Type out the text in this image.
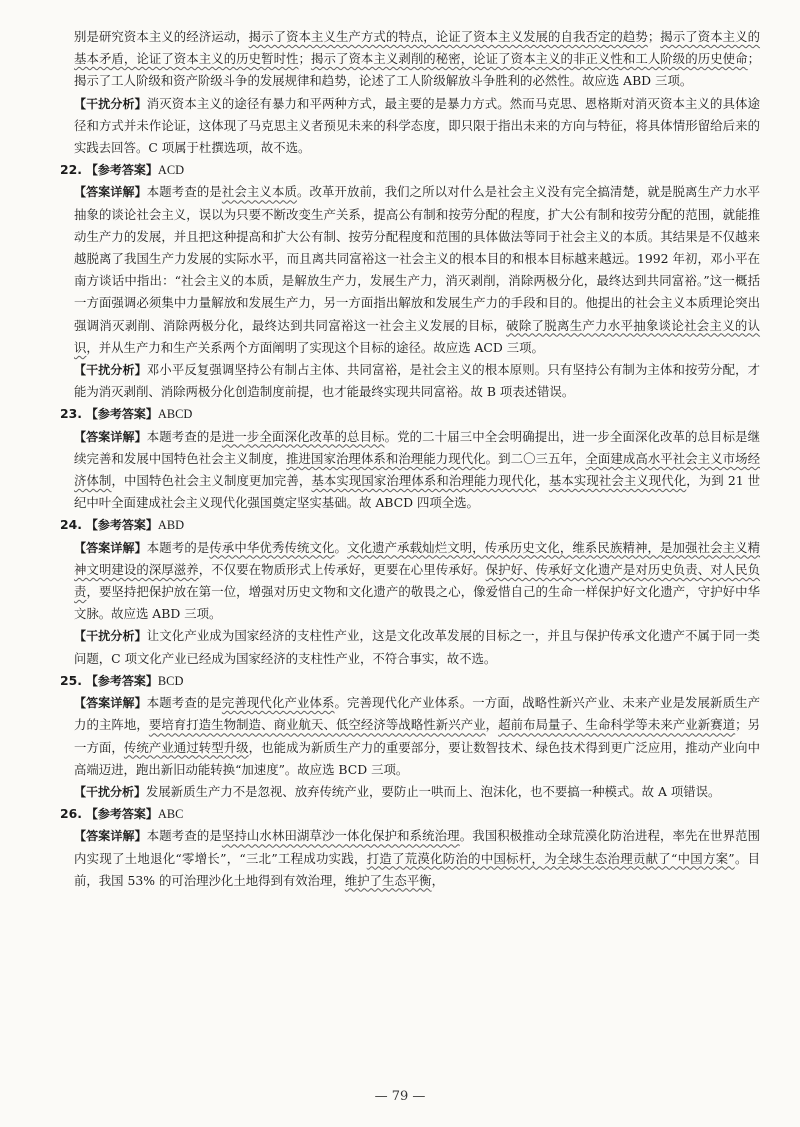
别是研究资本主义的经济运动，揭示了资本主义生产方式的特点，论证了资本主义发展的自我否定的趋势；揭示了资本主义的基本矛盾，论证了资本主义的历史暂时性；揭示了资本主义剥削的秘密，论证了资本主义的非正义性和工人阶级的历史使命；揭示了工人阶级和资产阶级斗争的发展规律和趋势，论述了工人阶级解放斗争胜利的必然性。故应选 ABD 三项。

【干扰分析】消灭资本主义的途径有暴力和平两种方式，最主要的是暴力方式。然而马克思、恩格斯对消灭资本主义的具体途径和方式并未作论证，这体现了马克思主义者预见未来的科学态度，即只限于指出未来的方向与特征，将具体情形留给后来的实践去回答。C 项属于杜撰选项，故不选。

22. 【参考答案】ACD

【答案详解】本题考查的是社会主义本质。改革开放前，我们之所以对什么是社会主义没有完全搞清楚，就是脱离生产力水平抽象的谈论社会主义，误以为只要不断改变生产关系，提高公有制和按劳分配的程度，扩大公有制和按劳分配的范围，就能推动生产力的发展，并且把这种提高和扩大公有制、按劳分配程度和范围的具体做法等同于社会主义的本质。其结果是不仅越来越脱离了我国生产力发展的实际水平，而且离共同富裕这一社会主义的根本目的和根本目标越来越远。1992 年初，邓小平在南方谈话中指出：“社会主义的本质，是解放生产力，发展生产力，消灭剥削，消除两极分化，最终达到共同富裕。”这一概括一方面强调必须集中力量解放和发展生产力，另一方面指出解放和发展生产力的手段和目的。他提出的社会主义本质理论突出强调消灭剥削、消除两极分化，最终达到共同富裕这一社会主义发展的目标，破除了脱离生产力水平抽象谈论社会主义的认识，并从生产力和生产关系两个方面阐明了实现这个目标的途径。故应选 ACD 三项。

【干扰分析】邓小平反复强调坚持公有制占主体、共同富裕，是社会主义的根本原则。只有坚持公有制为主体和按劳分配，才能为消灭剥削、消除两极分化创造制度前提，也才能最终实现共同富裕。故 B 项表述错误。

23. 【参考答案】ABCD

【答案详解】本题考查的是进一步全面深化改革的总目标。党的二十届三中全会明确提出，进一步全面深化改革的总目标是继续完善和发展中国特色社会主义制度，推进国家治理体系和治理能力现代化。到二〇三五年，全面建成高水平社会主义市场经济体制，中国特色社会主义制度更加完善，基本实现国家治理体系和治理能力现代化，基本实现社会主义现代化，为到 21 世纪中叶全面建成社会主义现代化强国奠定坚实基础。故 ABCD 四项全选。

24. 【参考答案】ABD

【答案详解】本题考的是传承中华优秀传统文化。文化遗产承载灿烂文明，传承历史文化，维系民族精神，是加强社会主义精神文明建设的深厚滋养，不仅要在物质形式上传承好，更要在心里传承好。保护好、传承好文化遗产是对历史负责、对人民负责，要坚持把保护放在第一位，增强对历史文物和文化遗产的敬畏之心，像爱惜自己的生命一样保护好文化遗产，守护好中华文脉。故应选 ABD 三项。

【干扰分析】让文化产业成为国家经济的支柱性产业，这是文化改革发展的目标之一，并且与保护传承文化遗产不属于同一类问题，C 项文化产业已经成为国家经济的支柱性产业，不符合事实，故不选。

25. 【参考答案】BCD

【答案详解】本题考查的是完善现代化产业体系。完善现代化产业体系。一方面，战略性新兴产业、未来产业是发展新质生产力的主阵地，要培育打造生物制造、商业航天、低空经济等战略性新兴产业，超前布局量子、生命科学等未来产业新赛道；另一方面，传统产业通过转型升级，也能成为新质生产力的重要部分，要让数智技术、绿色技术得到更广泛应用，推动产业向中高端迈进，跑出新旧动能转换“加速度”。故应选 BCD 三项。

【干扰分析】发展新质生产力不是忽视、放弃传统产业，要防止一哄而上、泡沫化，也不要搞一种模式。故 A 项错误。

26. 【参考答案】ABC

【答案详解】本题考查的是坚持山水林田湖草沙一体化保护和系统治理。我国积极推动全球荒漠化防治进程，率先在世界范围内实现了土地退化“零增长”，“三北”工程成功实践，打造了荒漠化防治的中国标杆，为全球生态治理贡献了“中国方案”。目前，我国 53% 的可治理沙化土地得到有效治理，维护了生态平衡，

— 79 —
